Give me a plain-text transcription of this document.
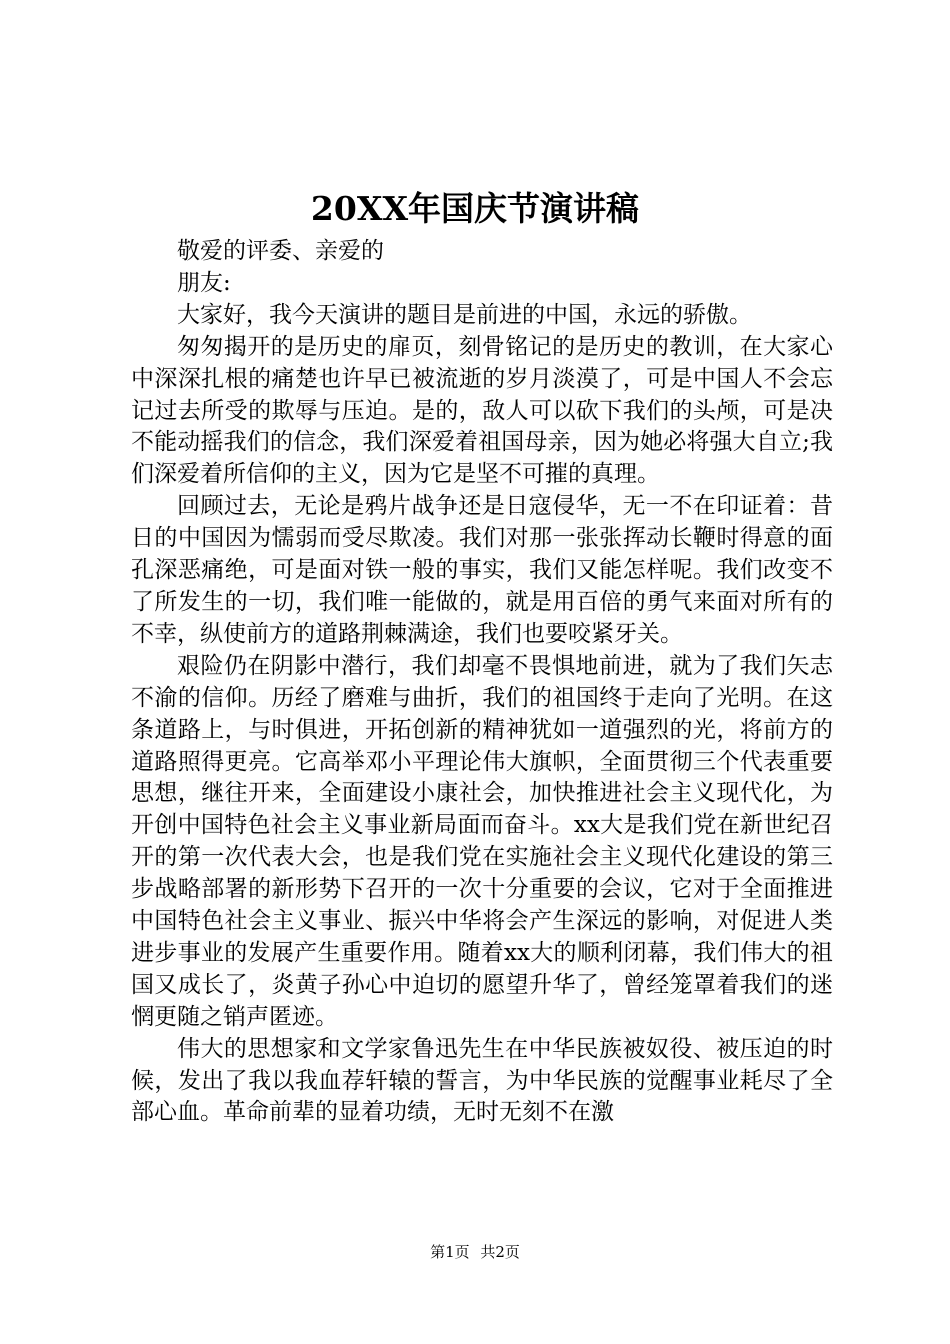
20XX年国庆节演讲稿

敬爱的评委、亲爱的

朋友:

大家好，我今天演讲的题目是前进的中国，永远的骄傲。

匆匆揭开的是历史的扉页，刻骨铭记的是历史的教训，在大家心中深深扎根的痛楚也许早已被流逝的岁月淡漠了，可是中国人不会忘记过去所受的欺辱与压迫。是的，敌人可以砍下我们的头颅，可是决不能动摇我们的信念，我们深爱着祖国母亲，因为她必将强大自立;我们深爱着所信仰的主义，因为它是坚不可摧的真理。

回顾过去，无论是鸦片战争还是日寇侵华，无一不在印证着：昔日的中国因为懦弱而受尽欺凌。我们对那一张张挥动长鞭时得意的面孔深恶痛绝，可是面对铁一般的事实，我们又能怎样呢。我们改变不了所发生的一切，我们唯一能做的，就是用百倍的勇气来面对所有的不幸，纵使前方的道路荆棘满途，我们也要咬紧牙关。

艰险仍在阴影中潜行，我们却毫不畏惧地前进，就为了我们矢志不渝的信仰。历经了磨难与曲折，我们的祖国终于走向了光明。在这条道路上，与时俱进，开拓创新的精神犹如一道强烈的光，将前方的道路照得更亮。它高举邓小平理论伟大旗帜，全面贯彻三个代表重要思想，继往开来，全面建设小康社会，加快推进社会主义现代化，为开创中国特色社会主义事业新局面而奋斗。xx大是我们党在新世纪召开的第一次代表大会，也是我们党在实施社会主义现代化建设的第三步战略部署的新形势下召开的一次十分重要的会议，它对于全面推进中国特色社会主义事业、振兴中华将会产生深远的影响，对促进人类进步事业的发展产生重要作用。随着xx大的顺利闭幕，我们伟大的祖国又成长了，炎黄子孙心中迫切的愿望升华了，曾经笼罩着我们的迷惘更随之销声匿迹。

伟大的思想家和文学家鲁迅先生在中华民族被奴役、被压迫的时候，发出了我以我血荐轩辕的誓言，为中华民族的觉醒事业耗尽了全部心血。革命前辈的显着功绩，无时无刻不在激

第1页 共2页
